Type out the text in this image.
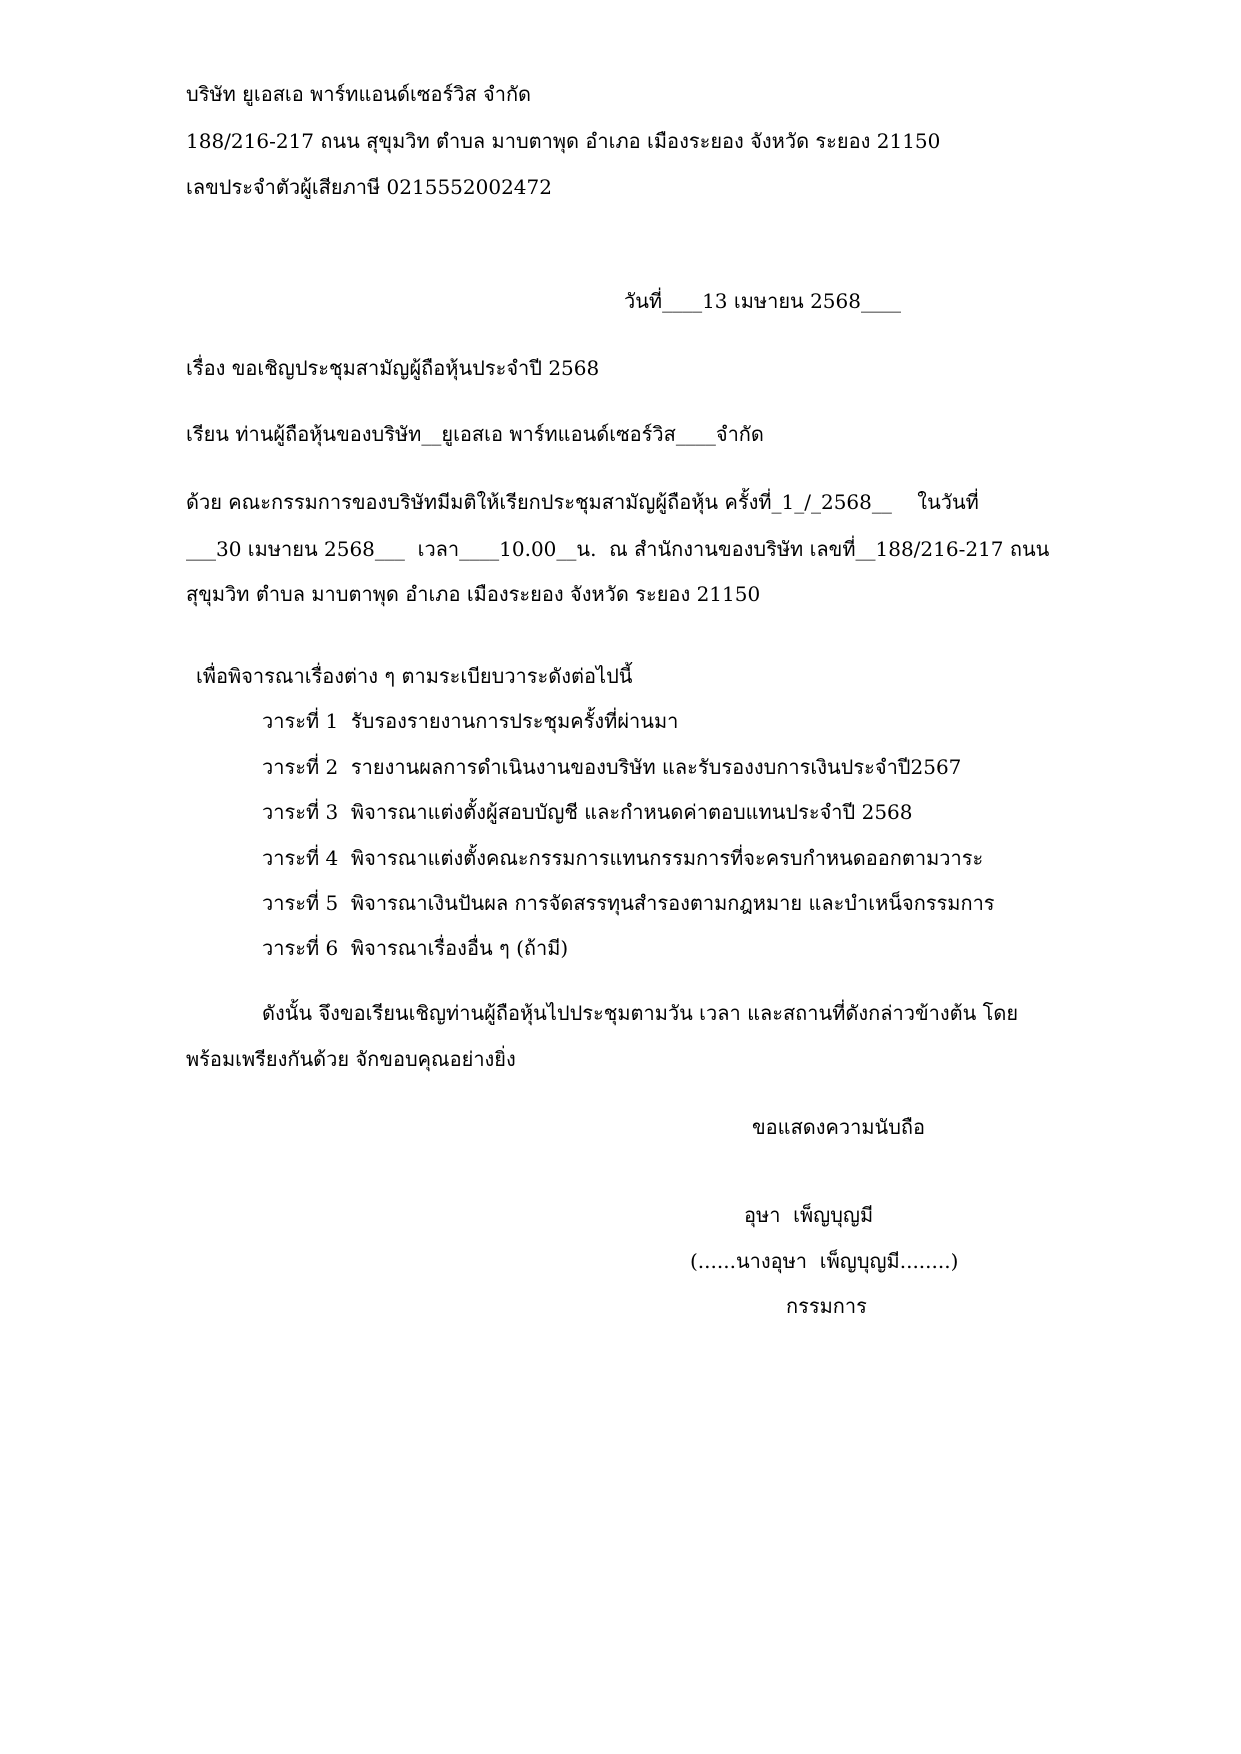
บริษัท ยูเอสเอ พาร์ทแอนด์เซอร์วิส จำกัด
188/216-217 ถนน สุขุมวิท ตำบล มาบตาพุด อำเภอ เมืองระยอง จังหวัด ระยอง 21150
เลขประจำตัวผู้เสียภาษี 0215552002472
วันที่____13 เมษายน 2568____
เรื่อง ขอเชิญประชุมสามัญผู้ถือหุ้นประจำปี 2568
เรียน ท่านผู้ถือหุ้นของบริษัท__ยูเอสเอ พาร์ทแอนด์เซอร์วิส____จำกัด
ด้วย คณะกรรมการของบริษัทมีมติให้เรียกประชุมสามัญผู้ถือหุ้น ครั้งที่_1_/_2568__    ในวันที่
___30 เมษายน 2568___  เวลา____10.00__น.  ณ สำนักงานของบริษัท เลขที่__188/216-217 ถนน
สุขุมวิท ตำบล มาบตาพุด อำเภอ เมืองระยอง จังหวัด ระยอง 21150
เพื่อพิจารณาเรื่องต่าง ๆ ตามระเบียบวาระดังต่อไปนี้
วาระที่ 1  รับรองรายงานการประชุมครั้งที่ผ่านมา
วาระที่ 2  รายงานผลการดำเนินงานของบริษัท และรับรองงบการเงินประจำปี2567
วาระที่ 3  พิจารณาแต่งตั้งผู้สอบบัญชี และกำหนดค่าตอบแทนประจำปี 2568
วาระที่ 4  พิจารณาแต่งตั้งคณะกรรมการแทนกรรมการที่จะครบกำหนดออกตามวาระ
วาระที่ 5  พิจารณาเงินปันผล การจัดสรรทุนสำรองตามกฎหมาย และบำเหน็จกรรมการ
วาระที่ 6  พิจารณาเรื่องอื่น ๆ (ถ้ามี)
ดังนั้น จึงขอเรียนเชิญท่านผู้ถือหุ้นไปประชุมตามวัน เวลา และสถานที่ดังกล่าวข้างต้น โดย
พร้อมเพรียงกันด้วย จักขอบคุณอย่างยิ่ง
ขอแสดงความนับถือ
อุษา  เพ็ญบุญมี
(......นางอุษา  เพ็ญบุญมี........)
กรรมการ
